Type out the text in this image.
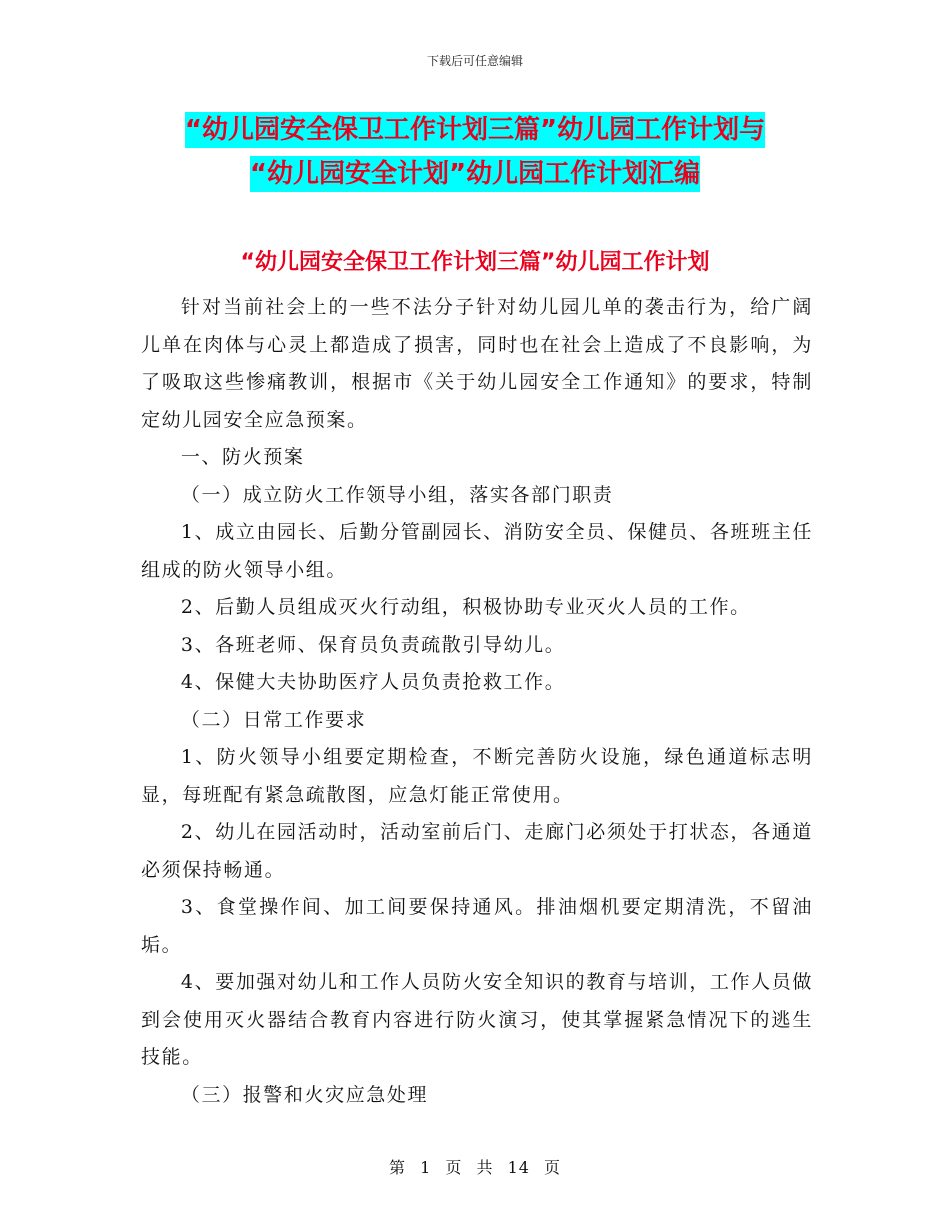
下载后可任意编辑
“幼儿园安全保卫工作计划三篇”幼儿园工作计划与
“幼儿园安全计划”幼儿园工作计划汇编
“幼儿园安全保卫工作计划三篇”幼儿园工作计划

针对当前社会上的一些不法分子针对幼儿园儿单的袭击行为，给广阔儿单在肉体与心灵上都造成了损害，同时也在社会上造成了不良影响，为了吸取这些惨痛教训，根据市《关于幼儿园安全工作通知》的要求，特制定幼儿园安全应急预案。

一、防火预案

（一）成立防火工作领导小组，落实各部门职责

1、成立由园长、后勤分管副园长、消防安全员、保健员、各班班主任组成的防火领导小组。

2、后勤人员组成灭火行动组，积极协助专业灭火人员的工作。

3、各班老师、保育员负责疏散引导幼儿。

4、保健大夫协助医疗人员负责抢救工作。

（二）日常工作要求

1、防火领导小组要定期检查，不断完善防火设施，绿色通道标志明显，每班配有紧急疏散图，应急灯能正常使用。

2、幼儿在园活动时，活动室前后门、走廊门必须处于打状态，各通道必须保持畅通。

3、食堂操作间、加工间要保持通风。排油烟机要定期清洗，不留油垢。

4、要加强对幼儿和工作人员防火安全知识的教育与培训，工作人员做到会使用灭火器结合教育内容进行防火演习，使其掌握紧急情况下的逃生技能。

（三）报警和火灾应急处理

第 1 页 共 14 页
